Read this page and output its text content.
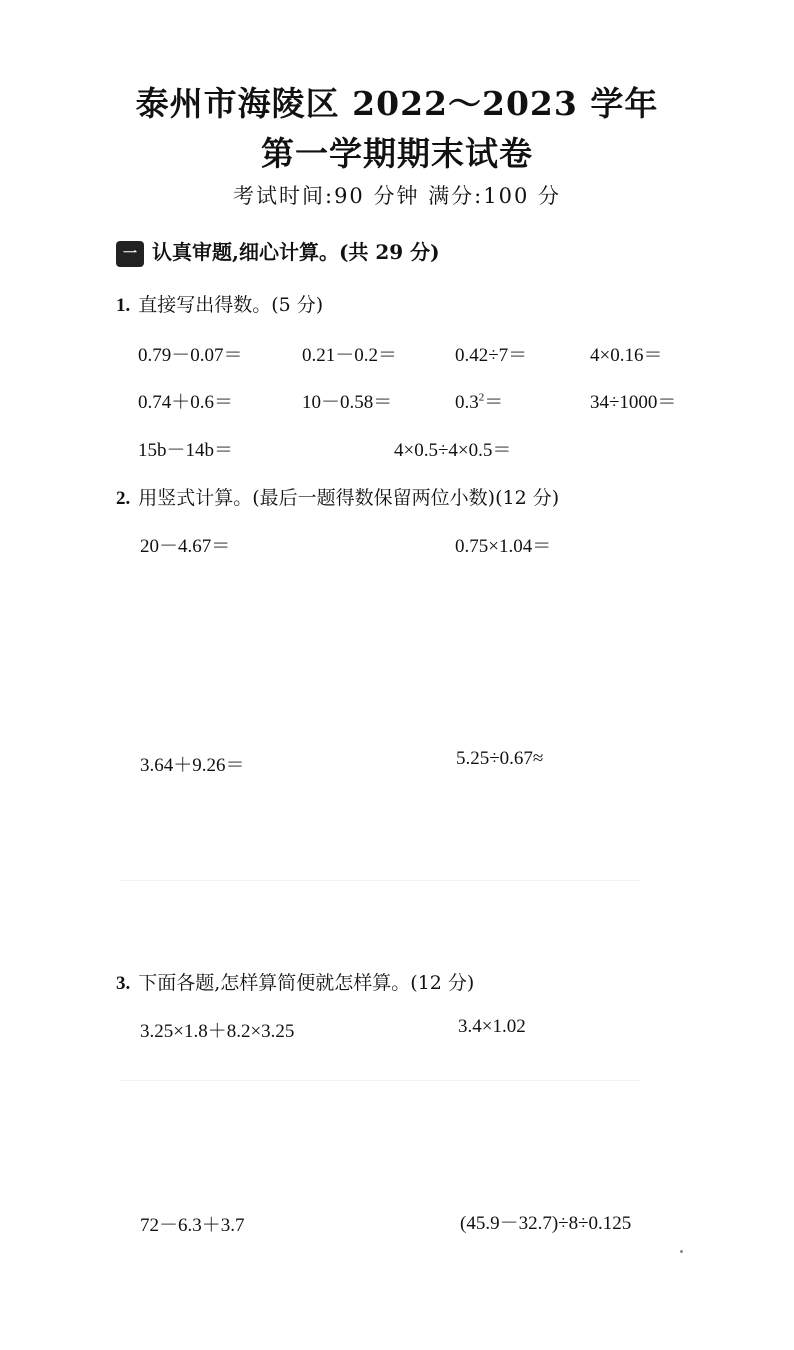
泰州市海陵区 2022～2023 学年
第一学期期末试卷
考试时间:90 分钟 满分:100 分
一 认真审题,细心计算。(共 29 分)
1. 直接写出得数。(5 分)
0.79－0.07＝	0.21－0.2＝	0.42÷7＝	4×0.16＝
0.74＋0.6＝	10－0.58＝	$0.3^2=$	34÷1000＝
15b－14b＝	4×0.5÷4×0.5＝
2. 用竖式计算。(最后一题得数保留两位小数)(12 分)
20－4.67＝	0.75×1.04＝
3.64＋9.26＝	5.25÷0.67≈
3. 下面各题,怎样算简便就怎样算。(12 分)
3.25×1.8＋8.2×3.25	3.4×1.02
72－6.3＋3.7	(45.9－32.7)÷8÷0.125
